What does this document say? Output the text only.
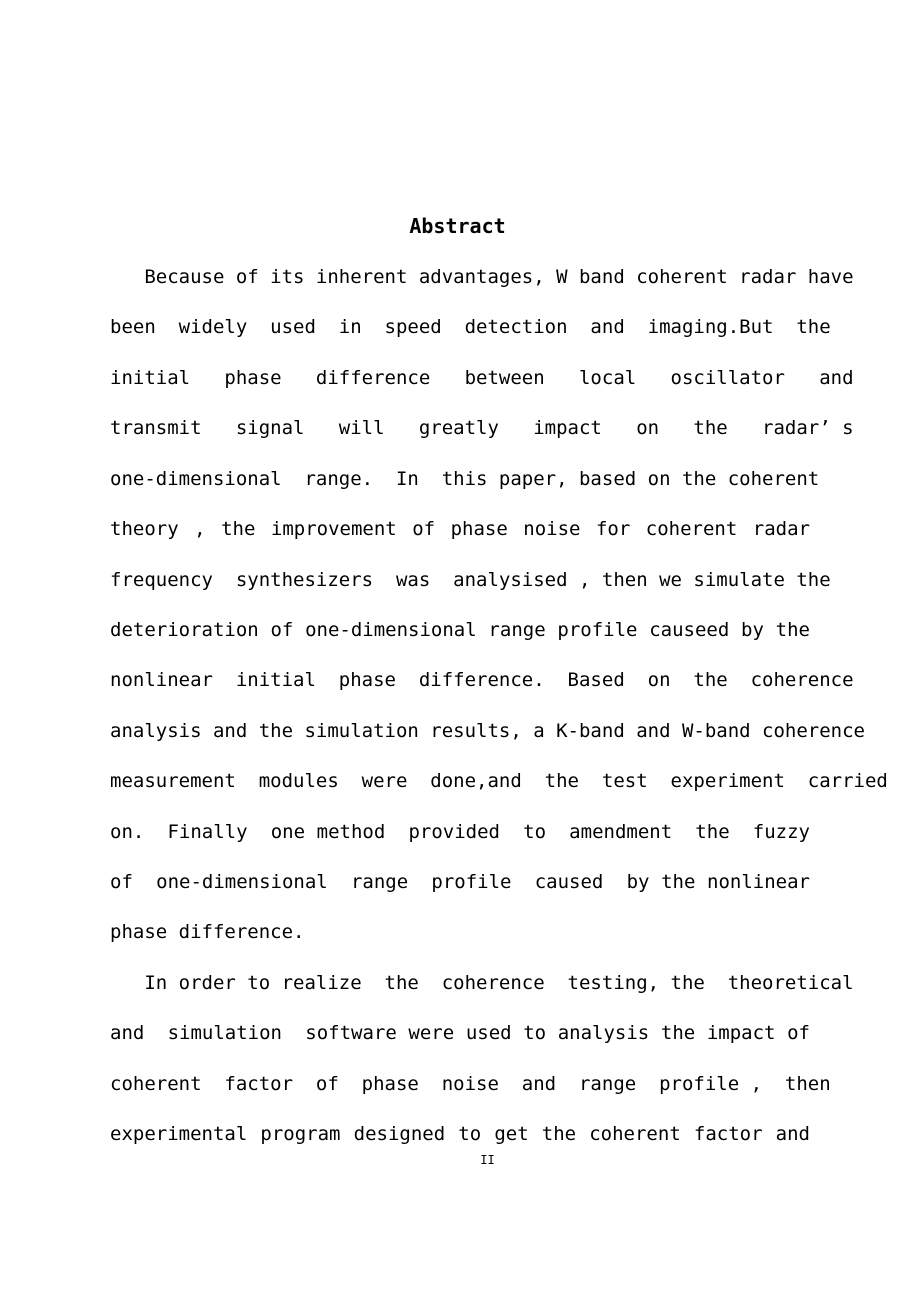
Abstract
Because of its inherent advantages, W band coherent radar have
been  widely  used  in  speed  detection  and  imaging.But  the
initial   phase   difference   between   local   oscillator   and
transmit   signal   will   greatly   impact   on   the   radar’ s
one-dimensional  range.  In  this paper, based on the coherent
theory , the improvement of phase noise for coherent radar
frequency  synthesizers  was  analysised , then we simulate the
deterioration of one-dimensional range profile causeed by the
nonlinear  initial  phase  difference.  Based  on  the  coherence
analysis and the simulation results, a K-band and W-band coherence
measurement  modules  were  done,and  the  test  experiment  carried
on.  Finally  one method  provided  to  amendment  the  fuzzy
of  one-dimensional  range  profile  caused  by the nonlinear
phase difference.
In order to realize  the  coherence  testing, the  theoretical
and  simulation  software were used to analysis the impact of
coherent  factor  of  phase  noise  and  range  profile ,  then
experimental program designed to get the coherent factor and
II
